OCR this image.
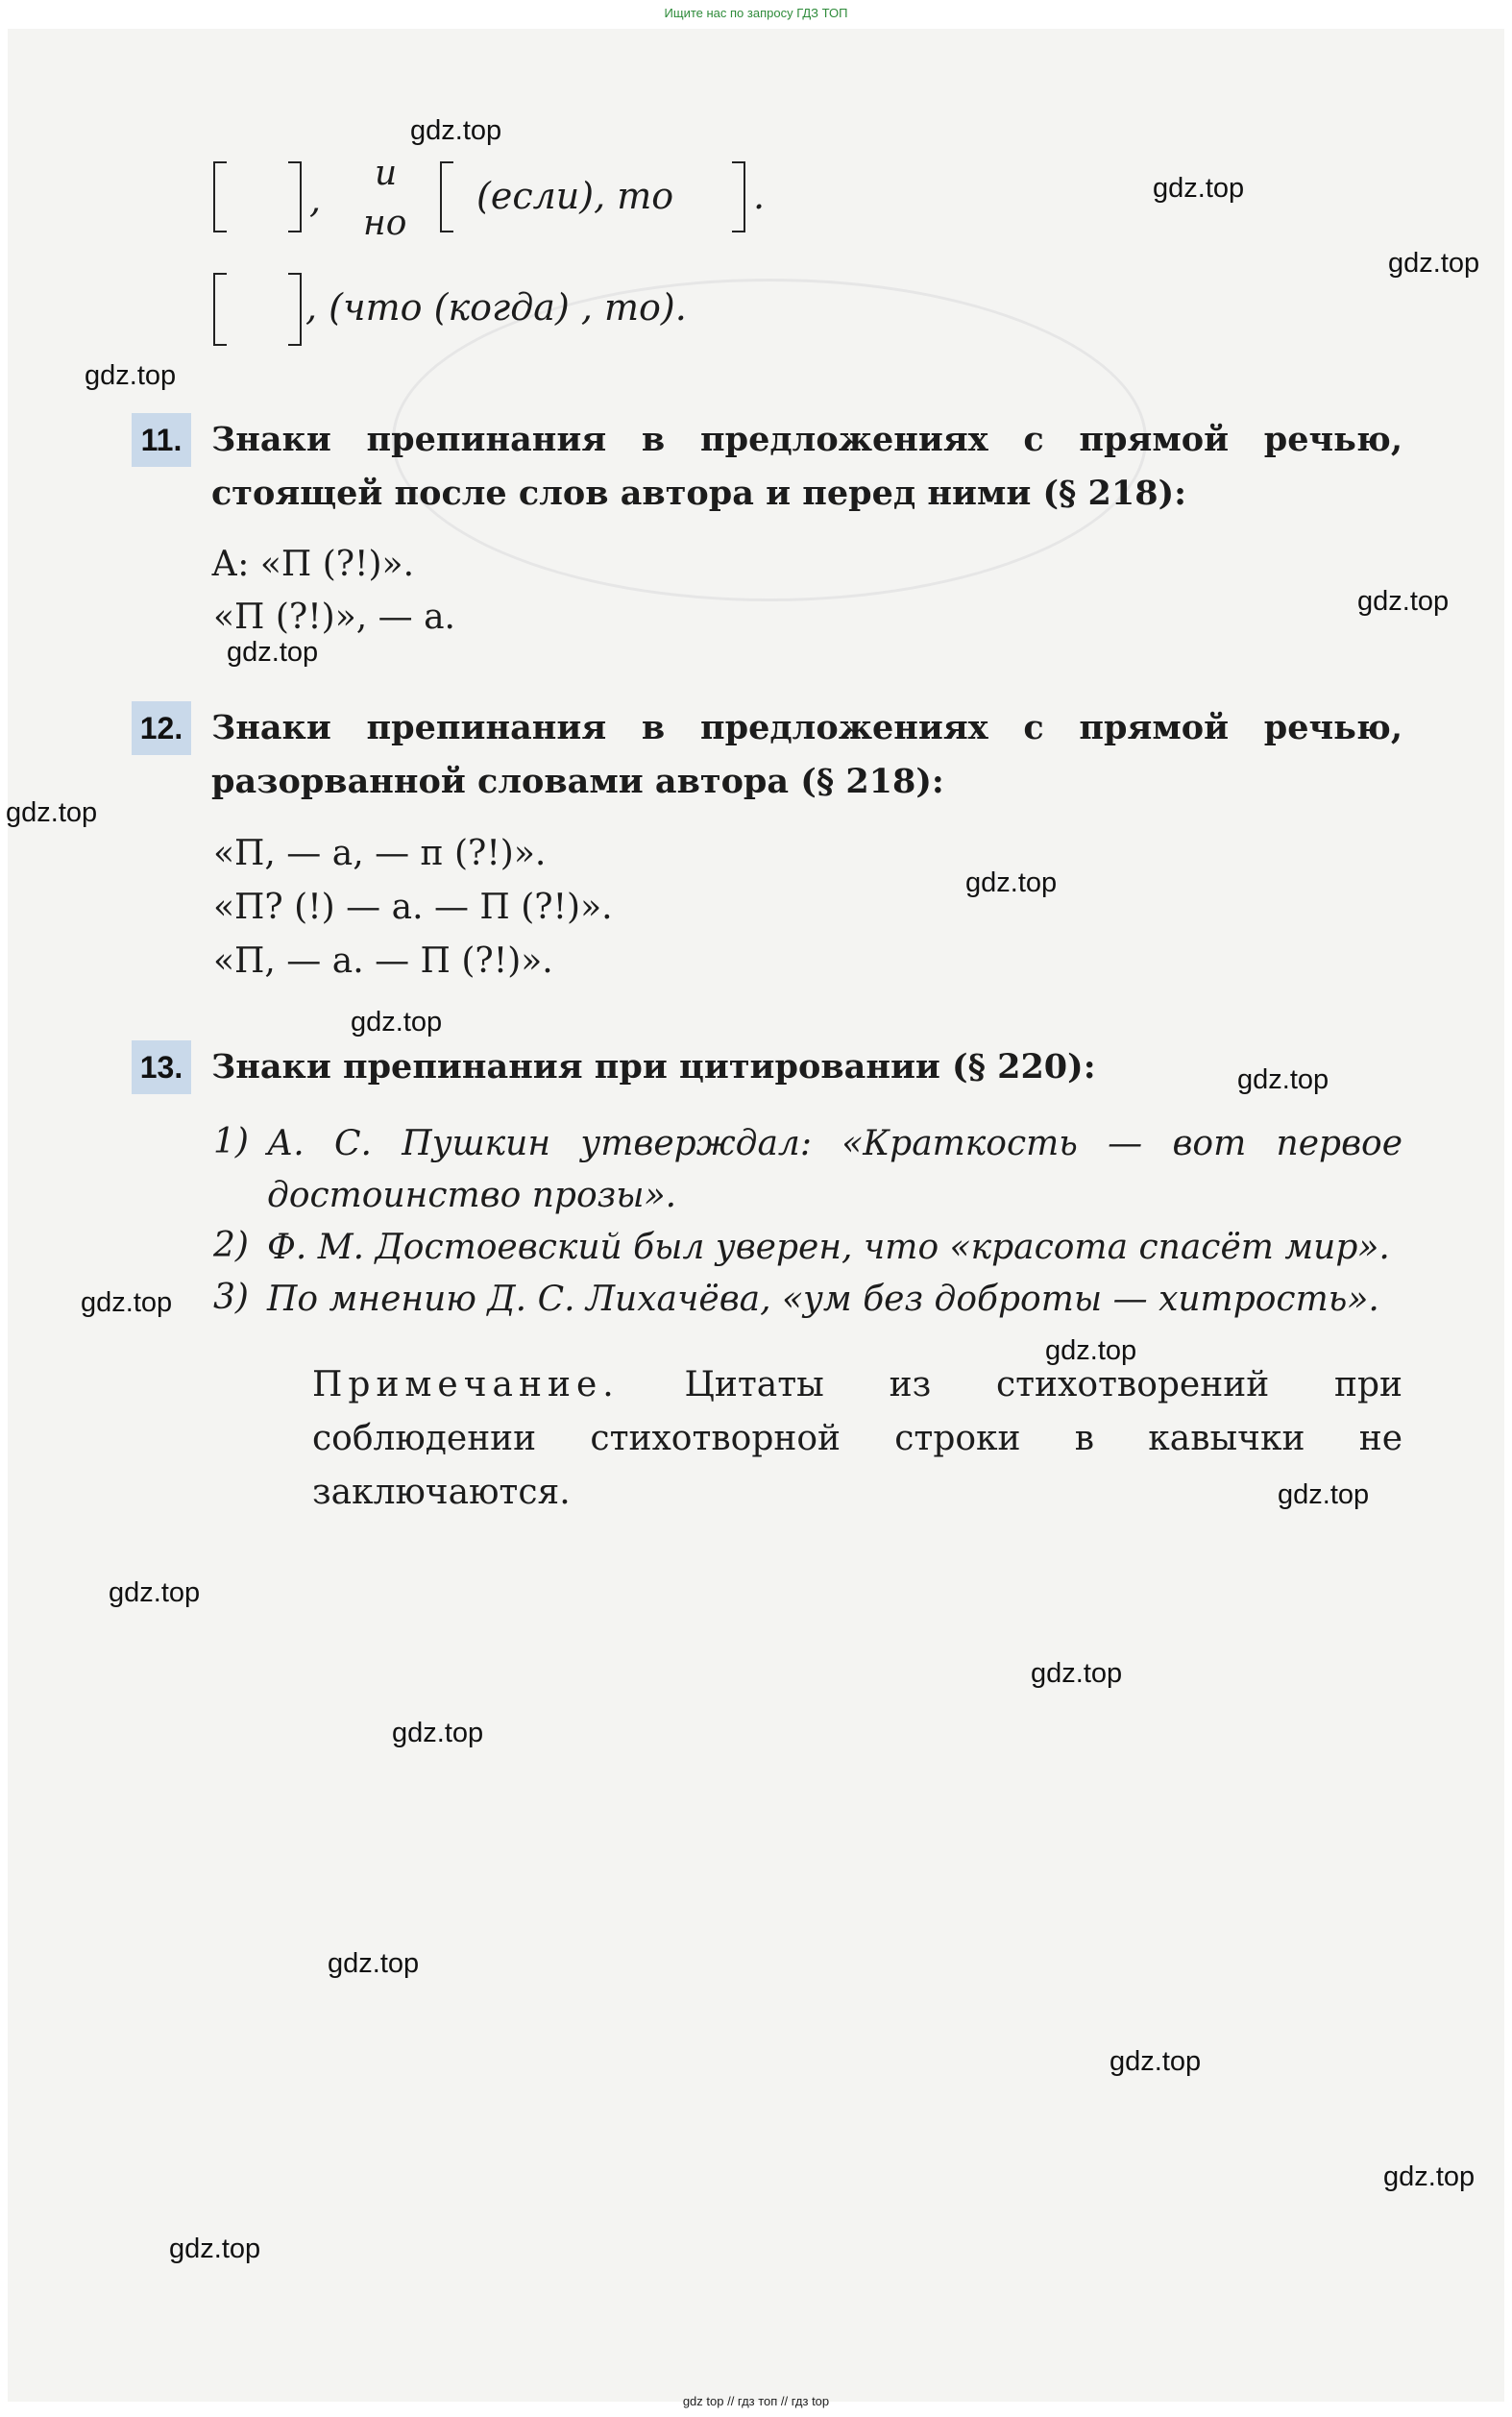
Ищите нас по запросу ГДЗ ТОП
,
и
но
(если), то .
, (что (когда) , то).
11. Знаки препинания в предложениях с прямой речью, стоящей после слов автора и перед ними (§ 218):
А: «П (?!)».
«П (?!)», — а.
12. Знаки препинания в предложениях с прямой речью, разорванной словами автора (§ 218):
«П, — а, — п (?!)».
«П? (!) — а. — П (?!)».
«П, — а. — П (?!)».
13. Знаки препинания при цитировании (§ 220):
1) А. С. Пушкин утверждал: «Краткость — вот первое достоинство прозы».
2) Ф. М. Достоевский был уверен, что «красота спасёт мир».
3) По мнению Д. С. Лихачёва, «ум без доброты — хитрость».
Примечание. Цитаты из стихотворений при соблюдении стихотворной строки в кавычки не заключаются.
gdz.top
gdz.top
gdz.top
gdz.top
gdz.top
gdz.top
gdz.top
gdz.top
gdz.top
gdz.top
gdz.top
gdz.top
gdz.top
gdz.top
gdz.top
gdz.top
gdz.top
gdz.top
gdz.top
gdz.top
gdz top // гдз топ // гдз top
